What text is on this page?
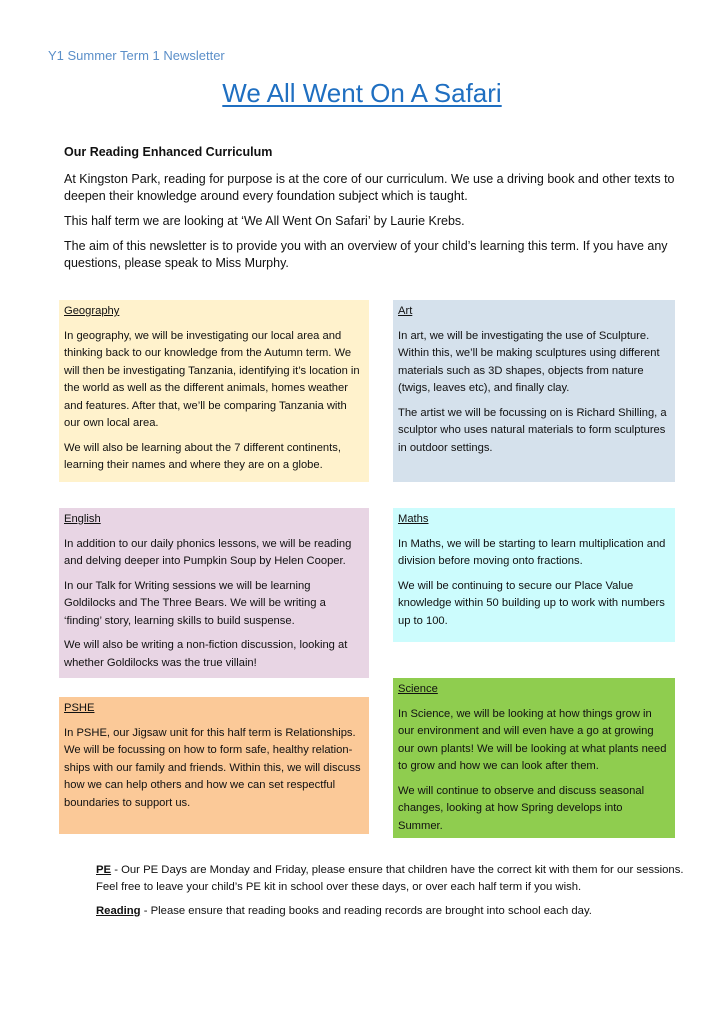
Y1 Summer Term 1 Newsletter
We All Went On A Safari
Our Reading Enhanced Curriculum

At Kingston Park, reading for purpose is at the core of our curriculum. We use a driving book and other texts to deepen their knowledge around every foundation subject which is taught.

This half term we are looking at ‘We All Went On Safari’ by Laurie Krebs.

The aim of this newsletter is to provide you with an overview of your child’s learning this term. If you have any questions, please speak to Miss Murphy.

Geography

In geography, we will be investigating our local area and thinking back to our knowledge from the Autumn term. We will then be investigating Tanzania, identifying it’s location in the world as well as the different animals, homes weather and features. After that, we’ll be comparing Tanzania with our own local area.

We will also be learning about the 7 different continents, learning their names and where they are on a globe.

Art

In art, we will be investigating the use of Sculpture. Within this, we’ll be making sculptures using different materials such as 3D shapes, objects from nature (twigs, leaves etc), and finally clay.

The artist we will be focussing on is Richard Shilling, a sculptor who uses natural materials to form sculptures in outdoor settings.

English

In addition to our daily phonics lessons, we will be reading and delving deeper into Pumpkin Soup by Helen Cooper.

In our Talk for Writing sessions we will be learning Goldilocks and The Three Bears. We will be writing a ‘finding’ story, learning skills to build suspense.

We will also be writing a non-fiction discussion, looking at whether Goldilocks was the true villain!

Maths

In Maths, we will be starting to learn multiplication and division before moving onto fractions.

We will be continuing to secure our Place Value knowledge within 50 building up to work with numbers up to 100.

PSHE

In PSHE, our Jigsaw unit for this half term is Relationships. We will be focussing on how to form safe, healthy relation-ships with our family and friends. Within this, we will discuss how we can help others and how we can set respectful boundaries to support us.

Science

In Science, we will be looking at how things grow in our environment and will even have a go at growing our own plants! We will be looking at what plants need to grow and how we can look after them.

We will continue to observe and discuss seasonal changes, looking at how Spring develops into Summer.

PE - Our PE Days are Monday and Friday, please ensure that children have the correct kit with them for our sessions. Feel free to leave your child’s PE kit in school over these days, or over each half term if you wish.

Reading - Please ensure that reading books and reading records are brought into school each day.
